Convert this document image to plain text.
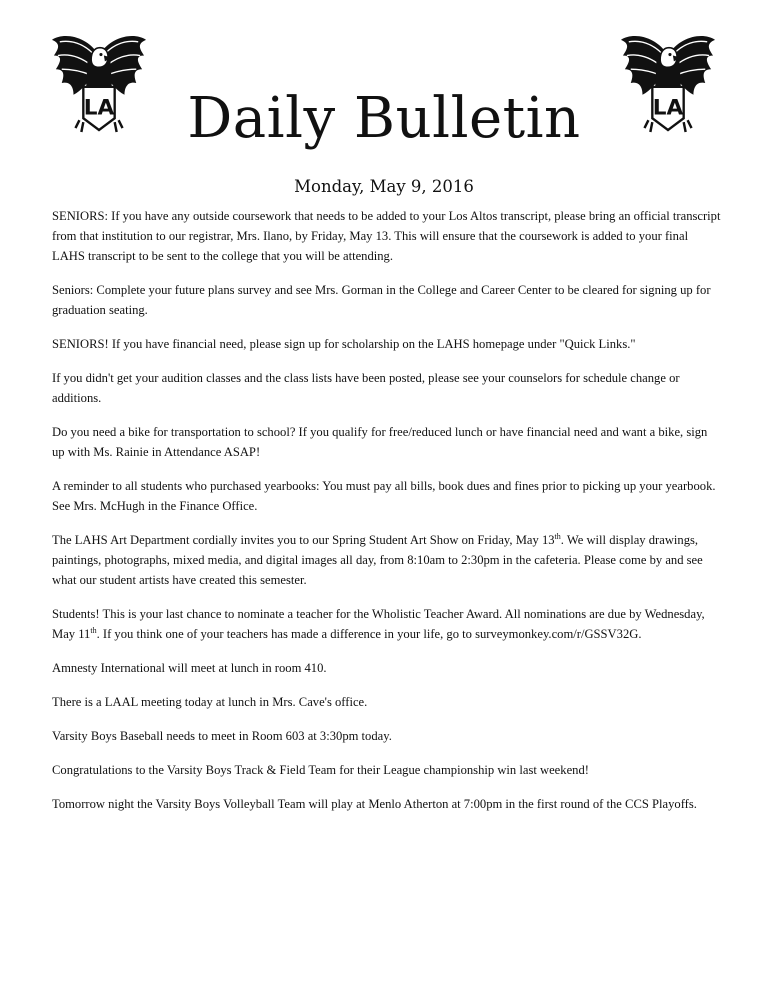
LA	LA
Daily Bulletin

Monday, May 9, 2016

SENIORS: If you have any outside coursework that needs to be added to your Los Altos transcript, please bring an official transcript from that institution to our registrar, Mrs. Ilano, by Friday, May 13. This will ensure that the coursework is added to your final LAHS transcript to be sent to the college that you will be attending.

Seniors: Complete your future plans survey and see Mrs. Gorman in the College and Career Center to be cleared for signing up for graduation seating.

SENIORS! If you have financial need, please sign up for scholarship on the LAHS homepage under "Quick Links."

If you didn't get your audition classes and the class lists have been posted, please see your counselors for schedule change or additions.

Do you need a bike for transportation to school? If you qualify for free/reduced lunch or have financial need and want a bike, sign up with Ms. Rainie in Attendance ASAP!

A reminder to all students who purchased yearbooks: You must pay all bills, book dues and fines prior to picking up your yearbook. See Mrs. McHugh in the Finance Office.

The LAHS Art Department cordially invites you to our Spring Student Art Show on Friday, May 13th. We will display drawings, paintings, photographs, mixed media, and digital images all day, from 8:10am to 2:30pm in the cafeteria. Please come by and see what our student artists have created this semester.

Students! This is your last chance to nominate a teacher for the Wholistic Teacher Award. All nominations are due by Wednesday, May 11th. If you think one of your teachers has made a difference in your life, go to surveymonkey.com/r/GSSV32G.

Amnesty International will meet at lunch in room 410.

There is a LAAL meeting today at lunch in Mrs. Cave's office.

Varsity Boys Baseball needs to meet in Room 603 at 3:30pm today.

Congratulations to the Varsity Boys Track & Field Team for their League championship win last weekend!

Tomorrow night the Varsity Boys Volleyball Team will play at Menlo Atherton at 7:00pm in the first round of the CCS Playoffs.
